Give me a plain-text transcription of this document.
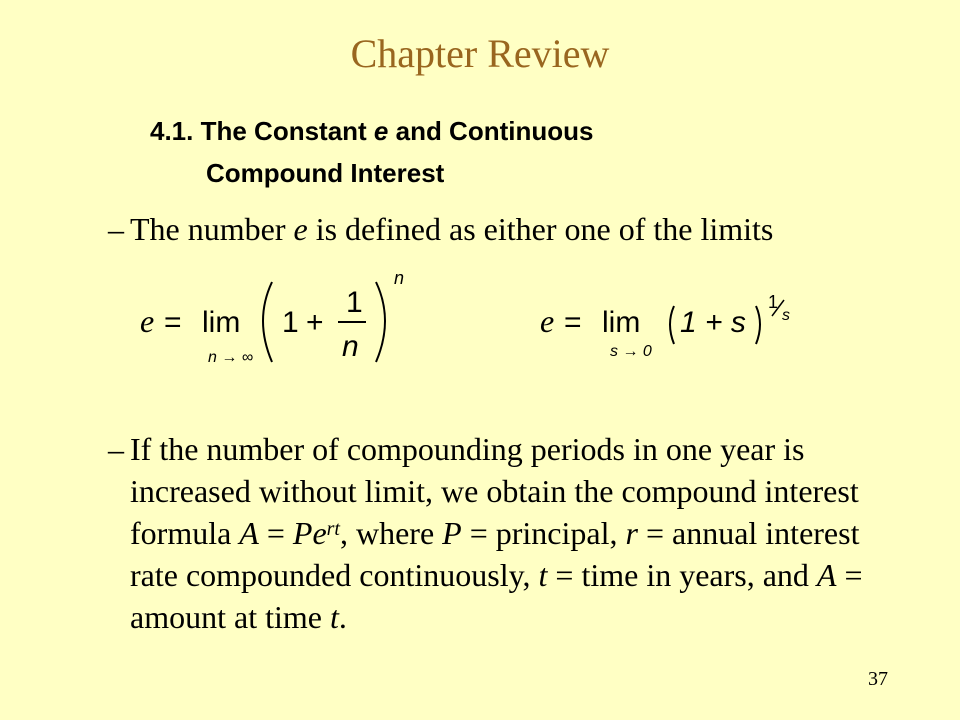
Chapter Review
4.1. The Constant e and Continuous
Compound Interest
– The number e is defined as either one of the limits
e = lim
n → ∞
1 +
1
n
n
e = lim
s → 0
1 + s
1
s
– If the number of compounding periods in one year is increased without limit, we obtain the compound interest formula $A = Pe^{rt}$, where P = principal, r = annual interest rate compounded continuously, t = time in years, and A = amount at time t.
37
